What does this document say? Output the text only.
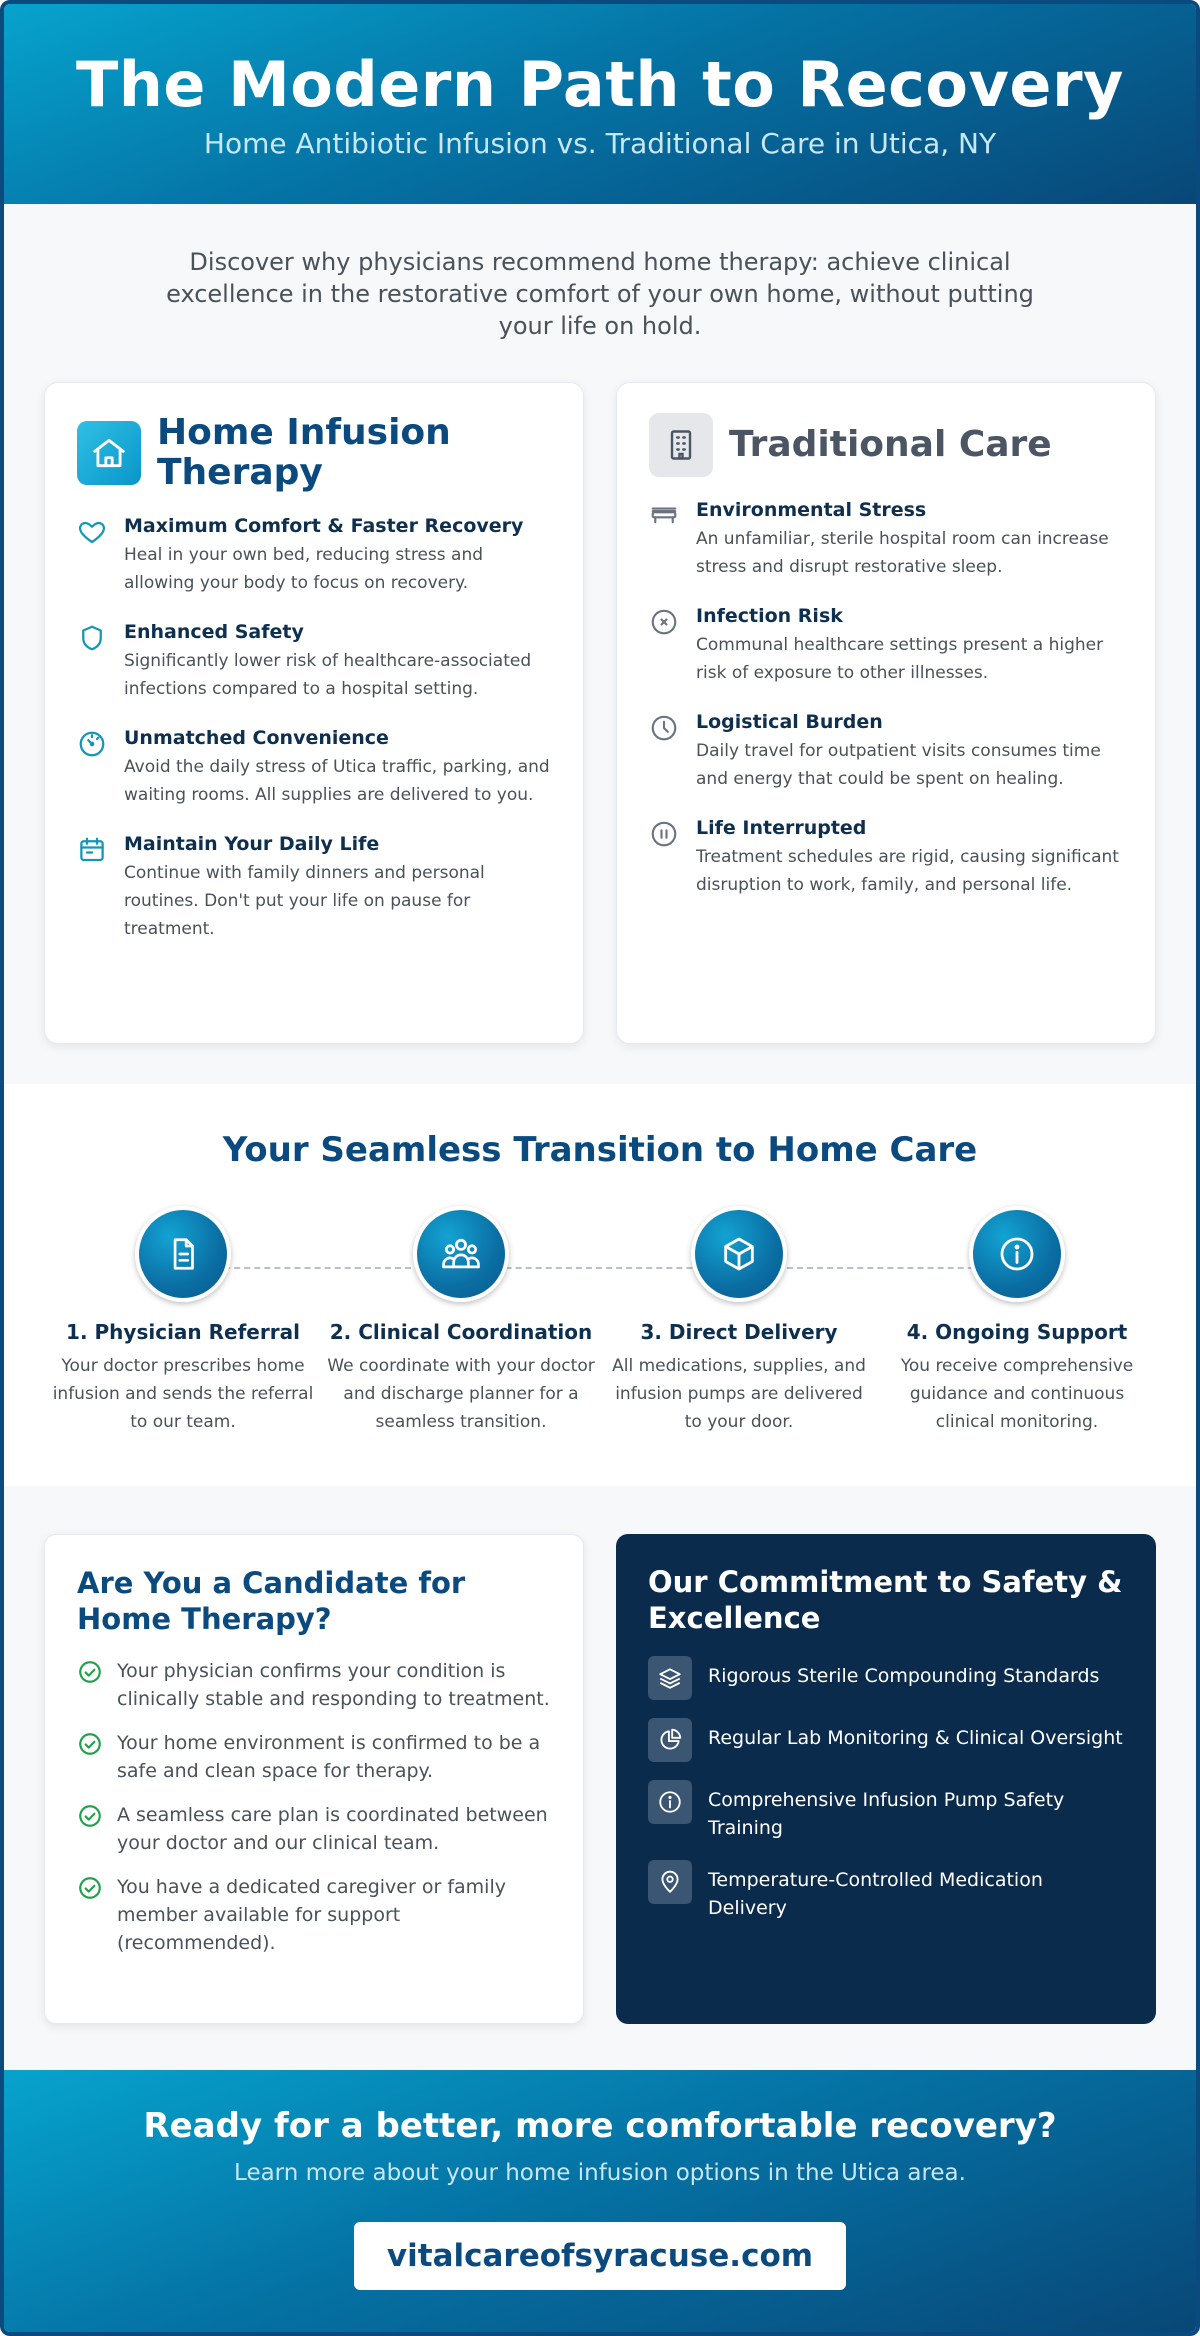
The Modern Path to Recovery
Home Antibiotic Infusion vs. Traditional Care in Utica, NY

Discover why physicians recommend home therapy: achieve clinical excellence in the restorative comfort of your own home, without putting your life on hold.

Home Infusion Therapy
Maximum Comfort & Faster Recovery
Heal in your own bed, reducing stress and allowing your body to focus on recovery.
Enhanced Safety
Significantly lower risk of healthcare-associated infections compared to a hospital setting.
Unmatched Convenience
Avoid the daily stress of Utica traffic, parking, and waiting rooms. All supplies are delivered to you.
Maintain Your Daily Life
Continue with family dinners and personal routines. Don't put your life on pause for treatment.
Traditional Care
Environmental Stress
An unfamiliar, sterile hospital room can increase stress and disrupt restorative sleep.
Infection Risk
Communal healthcare settings present a higher risk of exposure to other illnesses.
Logistical Burden
Daily travel for outpatient visits consumes time and energy that could be spent on healing.
Life Interrupted
Treatment schedules are rigid, causing significant disruption to work, family, and personal life.
Your Seamless Transition to Home Care
1. Physician Referral
Your doctor prescribes home infusion and sends the referral to our team.
2. Clinical Coordination
We coordinate with your doctor and discharge planner for a seamless transition.
3. Direct Delivery
All medications, supplies, and infusion pumps are delivered to your door.
4. Ongoing Support
You receive comprehensive guidance and continuous clinical monitoring.
Are You a Candidate for Home Therapy?
Your physician confirms your condition is clinically stable and responding to treatment.
Your home environment is confirmed to be a safe and clean space for therapy.
A seamless care plan is coordinated between your doctor and our clinical team.
You have a dedicated caregiver or family member available for support (recommended).
Our Commitment to Safety & Excellence
Rigorous Sterile Compounding Standards
Regular Lab Monitoring & Clinical Oversight
Comprehensive Infusion Pump Safety Training
Temperature-Controlled Medication Delivery
Ready for a better, more comfortable recovery?
Learn more about your home infusion options in the Utica area.
vitalcareofsyracuse.com
